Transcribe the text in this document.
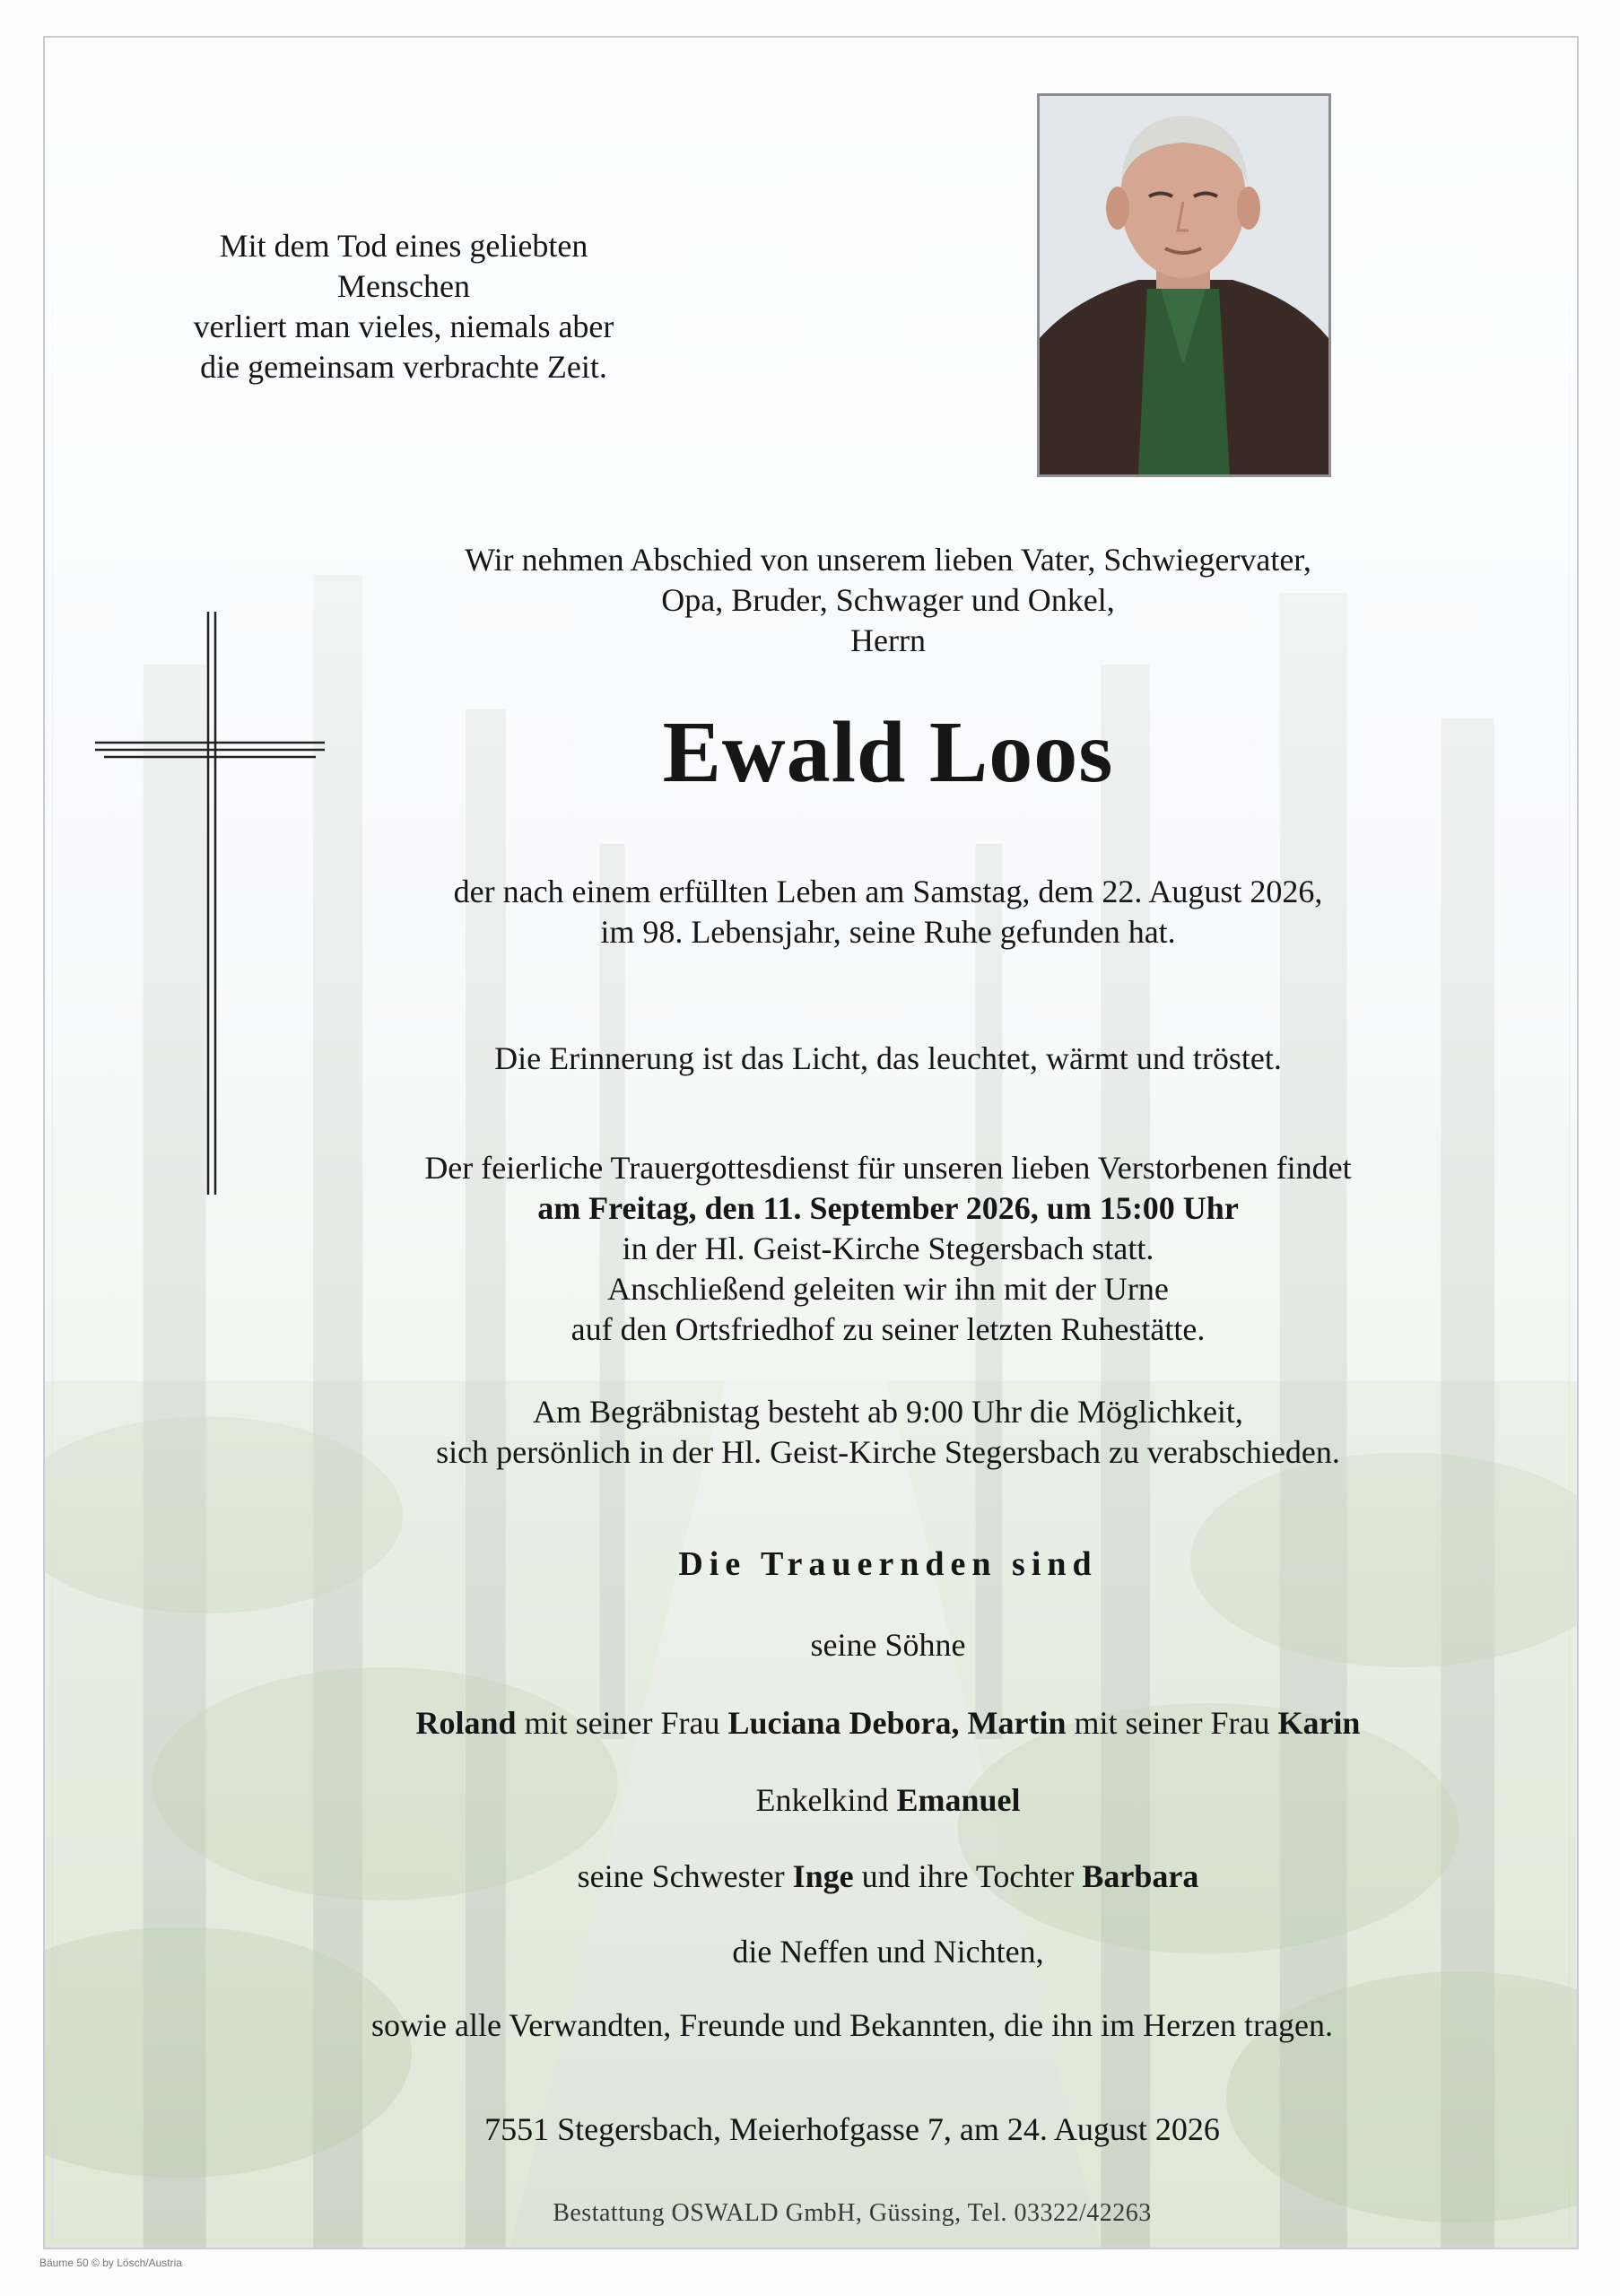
Mit dem Tod eines geliebten Menschen
verliert man vieles, niemals aber
die gemeinsam verbrachte Zeit.
Wir nehmen Abschied von unserem lieben Vater, Schwiegervater,
Opa, Bruder, Schwager und Onkel,
Herrn
Ewald Loos
der nach einem erfüllten Leben am Samstag, dem 22. August 2026,
im 98. Lebensjahr, seine Ruhe gefunden hat.
Die Erinnerung ist das Licht, das leuchtet, wärmt und tröstet.
Der feierliche Trauergottesdienst für unseren lieben Verstorbenen findet
am Freitag, den 11. September 2026, um 15:00 Uhr
in der Hl. Geist-Kirche Stegersbach statt.
Anschließend geleiten wir ihn mit der Urne
auf den Ortsfriedhof zu seiner letzten Ruhestätte.
Am Begräbnistag besteht ab 9:00 Uhr die Möglichkeit,
sich persönlich in der Hl. Geist-Kirche Stegersbach zu verabschieden.
Die Trauernden sind
seine Söhne
Roland mit seiner Frau Luciana Debora, Martin mit seiner Frau Karin
Enkelkind Emanuel
seine Schwester Inge und ihre Tochter Barbara
die Neffen und Nichten,
sowie alle Verwandten, Freunde und Bekannten, die ihn im Herzen tragen.
7551 Stegersbach, Meierhofgasse 7, am 24. August 2026
Bestattung OSWALD GmbH, Güssing, Tel. 03322/42263
Bäume 50 © by Lösch/Austria
